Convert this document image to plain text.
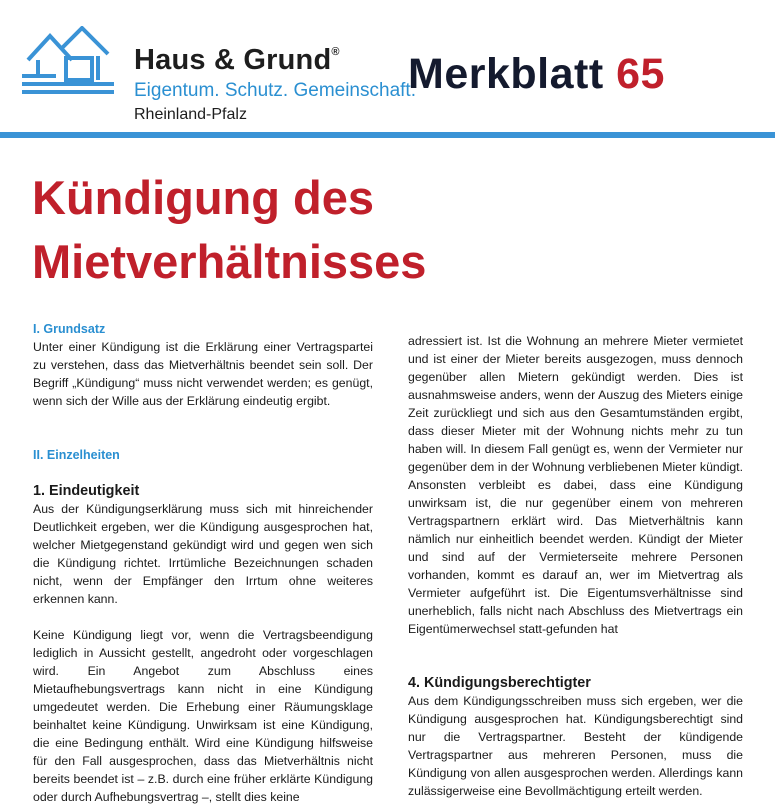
Haus & Grund®
Eigentum. Schutz. Gemeinschaft.
Rheinland-Pfalz
Merkblatt 65
Kündigung des
Mietverhältnisses
I. Grundsatz

Unter einer Kündigung ist die Erklärung einer Vertragspartei zu verstehen, dass das Mietverhältnis beendet sein soll. Der Begriff „Kündigung“ muss nicht verwendet werden; es genügt, wenn sich der Wille aus der Erklärung eindeutig ergibt.

II. Einzelheiten
1. Eindeutigkeit

Aus der Kündigungserklärung muss sich mit hinreichender Deutlichkeit ergeben, wer die Kündigung ausgesprochen hat, welcher Mietgegenstand gekündigt wird und gegen wen sich die Kündigung richtet. Irrtümliche Bezeichnungen schaden nicht, wenn der Empfänger den Irrtum ohne weiteres erkennen kann.

Keine Kündigung liegt vor, wenn die Vertragsbeendigung lediglich in Aussicht gestellt, angedroht oder vorgeschlagen wird. Ein Angebot zum Abschluss eines Mietaufhebungsvertrags kann nicht in eine Kündigung umgedeutet werden. Die Erhebung einer Räumungsklage beinhaltet keine Kündigung. Unwirksam ist eine Kündigung, die eine Bedingung enthält. Wird eine Kündigung hilfsweise für den Fall ausgesprochen, dass das Mietverhältnis nicht bereits beendet ist – z.B. durch eine früher erklärte Kündigung oder durch Aufhebungsvertrag –, stellt dies keine

adressiert ist. Ist die Wohnung an mehrere Mieter vermietet und ist einer der Mieter bereits ausgezogen, muss dennoch gegenüber allen Mietern gekündigt werden. Dies ist ausnahmsweise anders, wenn der Auszug des Mieters einige Zeit zurückliegt und sich aus den Gesamtumständen ergibt, dass dieser Mieter mit der Wohnung nichts mehr zu tun haben will. In diesem Fall genügt es, wenn der Vermieter nur gegenüber dem in der Wohnung verbliebenen Mieter kündigt. Ansonsten verbleibt es dabei, dass eine Kündigung unwirksam ist, die nur gegenüber einem von mehreren Vertragspartnern erklärt wird. Das Mietverhältnis kann nämlich nur einheitlich beendet werden. Kündigt der Mieter und sind auf der Vermieterseite mehrere Personen vorhanden, kommt es darauf an, wer im Mietvertrag als Vermieter aufgeführt ist. Die Eigentumsverhältnisse sind unerheblich, falls nicht nach Abschluss des Mietvertrags ein Eigentümerwechsel statt-gefunden hat

4. Kündigungsberechtigter

Aus dem Kündigungsschreiben muss sich ergeben, wer die Kündigung ausgesprochen hat. Kündigungsberechtigt sind nur die Vertragspartner. Besteht der kündigende Vertragspartner aus mehreren Personen, muss die Kündigung von allen ausgesprochen werden. Allerdings kann zulässigerweise eine Bevollmächtigung erteilt werden.
